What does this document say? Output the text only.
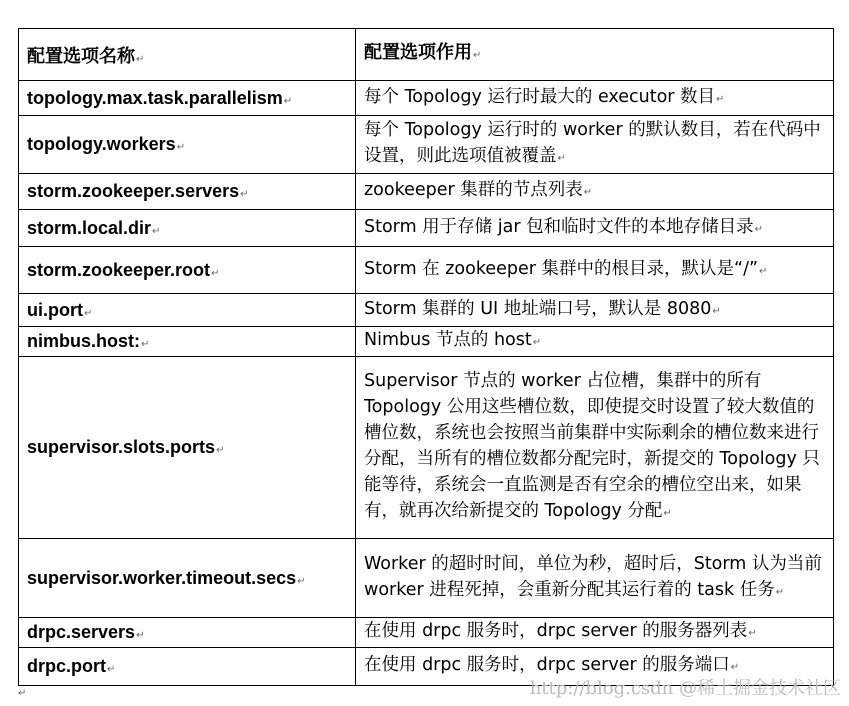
配置选项名称↵	配置选项作用↵
topology.max.task.parallelism↵	每个 Topology 运行时最大的 executor 数目↵
topology.workers↵	每个 Topology 运行时的 worker 的默认数目，若在代码中设置，则此选项值被覆盖↵
storm.zookeeper.servers↵	zookeeper 集群的节点列表↵
storm.local.dir↵	Storm 用于存储 jar 包和临时文件的本地存储目录↵
storm.zookeeper.root↵	Storm 在 zookeeper 集群中的根目录，默认是“/”↵
ui.port↵	Storm 集群的 UI 地址端口号，默认是 8080↵
nimbus.host:↵	Nimbus 节点的 host↵
supervisor.slots.ports↵	Supervisor 节点的 worker 占位槽，集群中的所有 Topology 公用这些槽位数，即使提交时设置了较大数值的槽位数，系统也会按照当前集群中实际剩余的槽位数来进行分配，当所有的槽位数都分配完时，新提交的 Topology 只能等待，系统会一直监测是否有空余的槽位空出来，如果有，就再次给新提交的 Topology 分配↵
supervisor.worker.timeout.secs↵	Worker 的超时时间，单位为秒，超时后，Storm 认为当前 worker 进程死掉，会重新分配其运行着的 task 任务↵
drpc.servers↵	在使用 drpc 服务时，drpc server 的服务器列表↵
drpc.port↵	在使用 drpc 服务时，drpc server 的服务端口↵
↵	http://blog.csdn @稀土掘金技术社区
